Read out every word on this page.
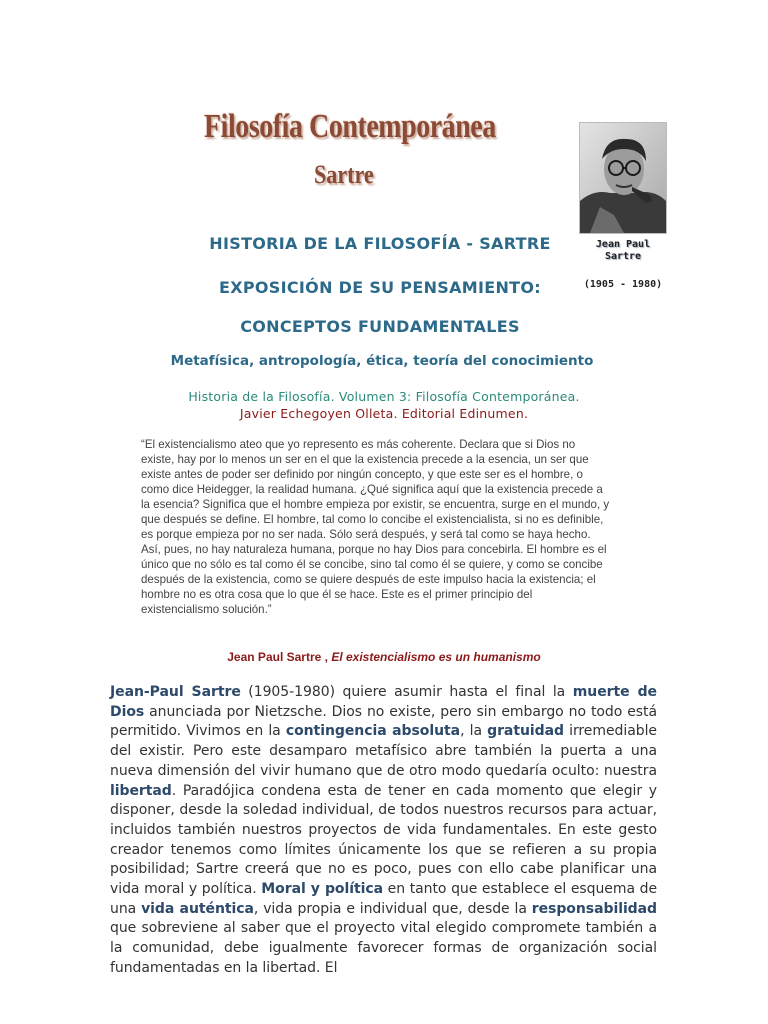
Filosofía Contemporánea
Sartre
Jean Paul Sartre
(1905 - 1980)
HISTORIA DE LA FILOSOFÍA - SARTRE
EXPOSICIÓN DE SU PENSAMIENTO:
CONCEPTOS FUNDAMENTALES
Metafísica, antropología, ética, teoría del conocimiento
Historia de la Filosofía. Volumen 3: Filosofía Contemporánea.
Javier Echegoyen Olleta. Editorial Edinumen.
“El existencialismo ateo que yo represento es más coherente. Declara que si Dios no existe, hay por lo menos un ser en el que la existencia precede a la esencia, un ser que existe antes de poder ser definido por ningún concepto, y que este ser es el hombre, o como dice Heidegger, la realidad humana. ¿Qué significa aquí que la existencia precede a la esencia? Significa que el hombre empieza por existir, se encuentra, surge en el mundo, y que después se define. El hombre, tal como lo concibe el existencialista, si no es definible, es porque empieza por no ser nada. Sólo será después, y será tal como se haya hecho. Así, pues, no hay naturaleza humana, porque no hay Dios para concebirla. El hombre es el único que no sólo es tal como él se concibe, sino tal como él se quiere, y como se concibe después de la existencia, como se quiere después de este impulso hacia la existencia; el hombre no es otra cosa que lo que él se hace. Este es el primer principio del existencialismo solución.”
Jean Paul Sartre , El existencialismo es un humanismo
Jean-Paul Sartre (1905-1980) quiere asumir hasta el final la muerte de Dios anunciada por Nietzsche. Dios no existe, pero sin embargo no todo está permitido. Vivimos en la contingencia absoluta, la gratuidad irremediable del existir. Pero este desamparo metafísico abre también la puerta a una nueva dimensión del vivir humano que de otro modo quedaría oculto: nuestra libertad. Paradójica condena esta de tener en cada momento que elegir y disponer, desde la soledad individual, de todos nuestros recursos para actuar, incluidos también nuestros proyectos de vida fundamentales. En este gesto creador tenemos como límites únicamente los que se refieren a su propia posibilidad; Sartre creerá que no es poco, pues con ello cabe planificar una vida moral y política. Moral y política en tanto que establece el esquema de una vida auténtica, vida propia e individual que, desde la responsabilidad que sobreviene al saber que el proyecto vital elegido compromete también a la comunidad, debe igualmente favorecer formas de organización social fundamentadas en la libertad. El
